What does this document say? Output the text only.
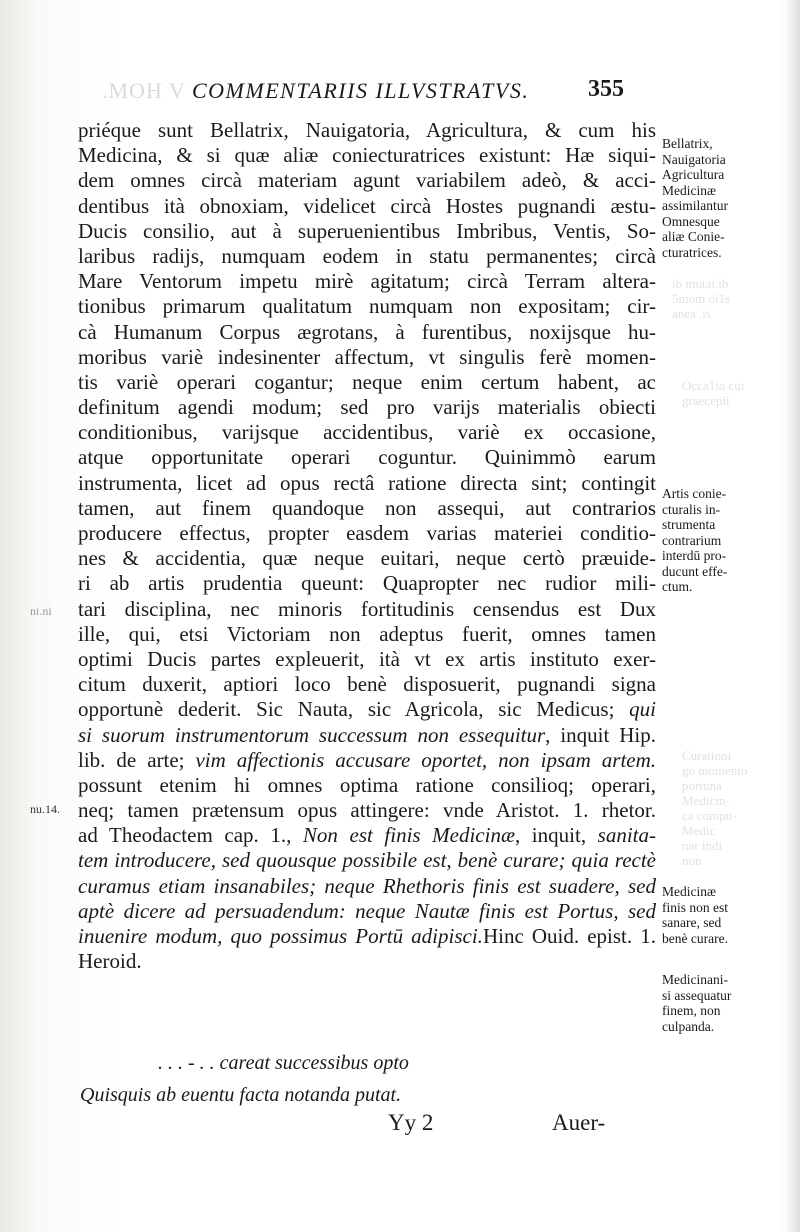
.MOH V COMMENTARIIS ILLVSTRATVS.	355
priéque sunt Bellatrix, Nauigatoria, Agricultura, & cum his
Medicina, & si quæ aliæ coniecturatrices existunt: Hæ siqui-
dem omnes circà materiam agunt variabilem adeò, & acci-
dentibus ità obnoxiam, videlicet circà Hostes pugnandi æstu-
Ducis consilio, aut à superuenientibus Imbribus, Ventis, So-
laribus radijs, numquam eodem in statu permanentes; circà
Mare Ventorum impetu mirè agitatum; circà Terram altera-
tionibus primarum qualitatum numquam non expositam; cir-
cà Humanum Corpus ægrotans, à furentibus, noxijsque hu-
moribus variè indesinenter affectum, vt singulis ferè momen-
tis variè operari cogantur; neque enim certum habent, ac
definitum agendi modum; sed pro varijs materialis obiecti
conditionibus, varijsque accidentibus, variè ex occasione,
atque opportunitate operari coguntur. Quinimmò earum
instrumenta, licet ad opus rectâ ratione directa sint; contingit
tamen, aut finem quandoque non assequi, aut contrarios
producere effectus, propter easdem varias materiei conditio-
nes & accidentia, quæ neque euitari, neque certò præuide-
ri ab artis prudentia queunt: Quapropter nec rudior mili-
tari disciplina, nec minoris fortitudinis censendus est Dux
ille, qui, etsi Victoriam non adeptus fuerit, omnes tamen
optimi Ducis partes expleuerit, ità vt ex artis instituto exer-
citum duxerit, aptiori loco benè disposuerit, pugnandi signa
opportunè dederit. Sic Nauta, sic Agricola, sic Medicus; qui
si suorum instrumentorum successum non essequitur, inquit Hip.
lib. de arte; vim affectionis accusare oportet, non ipsam artem.
possunt etenim hi omnes optima ratione consilioq; operari,
neq; tamen prætensum opus attingere: vnde Aristot. 1. rhetor.
ad Theodactem cap. 1., Non est finis Medicinæ, inquit, sanita-
tem introducere, sed quousque possibile est, benè curare; quia rectè
curamus etiam insanabiles; neque Rhethoris finis est suadere, sed
aptè dicere ad persuadendum: neque Nautæ finis est Portus, sed
inuenire modum, quo possimus Portū adipisci.Hinc Ouid. epist. 1.
Heroid.
. . . - . . careat successibus opto
Quisquis ab euentu facta notanda putat.
Yy 2	Auer-
Bellatrix,
Nauigatoria
Agricultura
Medicinæ
assimilantur
Omnesque
aliæ Conie-
cturatrices.
Artis conie-
cturalis in-
strumenta
contrarium
interdū pro-
ducunt effe-
ctum.
Medicinæ
finis non est
sanare, sed
benè curare.
Medicinani-
si assequatur
finem, non
culpanda.
ni.ni
nu.14.
ib mutai.ib
5mom oi1s
anea .is
Occa1io cui
graecepii
Curationi
go momento
portuna
Medicin-
ca compu-
Medic
nar indi
non
